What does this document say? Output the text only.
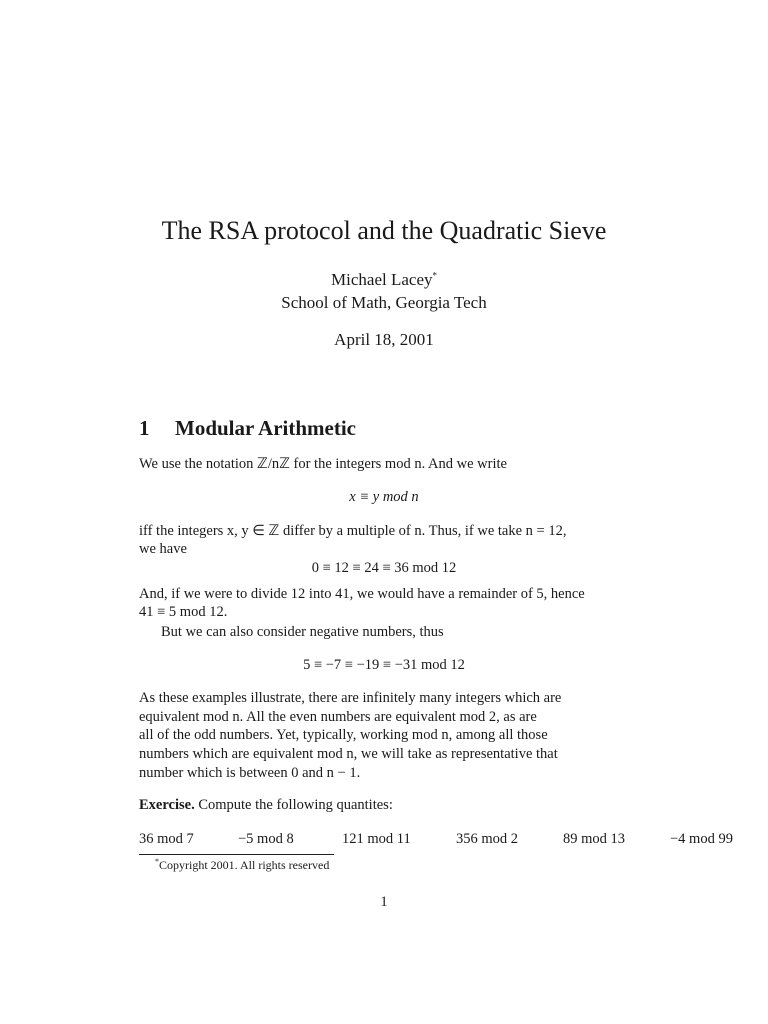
The RSA protocol and the Quadratic Sieve
Michael Lacey*
School of Math, Georgia Tech
April 18, 2001
1 Modular Arithmetic
We use the notation ℤ/nℤ for the integers mod n. And we write
x ≡ y mod n
iff the integers x, y ∈ ℤ differ by a multiple of n. Thus, if we take n = 12,
we have
0 ≡ 12 ≡ 24 ≡ 36 mod 12
And, if we were to divide 12 into 41, we would have a remainder of 5, hence
41 ≡ 5 mod 12.
But we can also consider negative numbers, thus
5 ≡ −7 ≡ −19 ≡ −31 mod 12
As these examples illustrate, there are infinitely many integers which are
equivalent mod n. All the even numbers are equivalent mod 2, as are
all of the odd numbers. Yet, typically, working mod n, among all those
numbers which are equivalent mod n, we will take as representative that
number which is between 0 and n − 1.
Exercise. Compute the following quantites:
36 mod 7	−5 mod 8	121 mod 11	356 mod 2	89 mod 13	−4 mod 99
*Copyright 2001. All rights reserved
1
